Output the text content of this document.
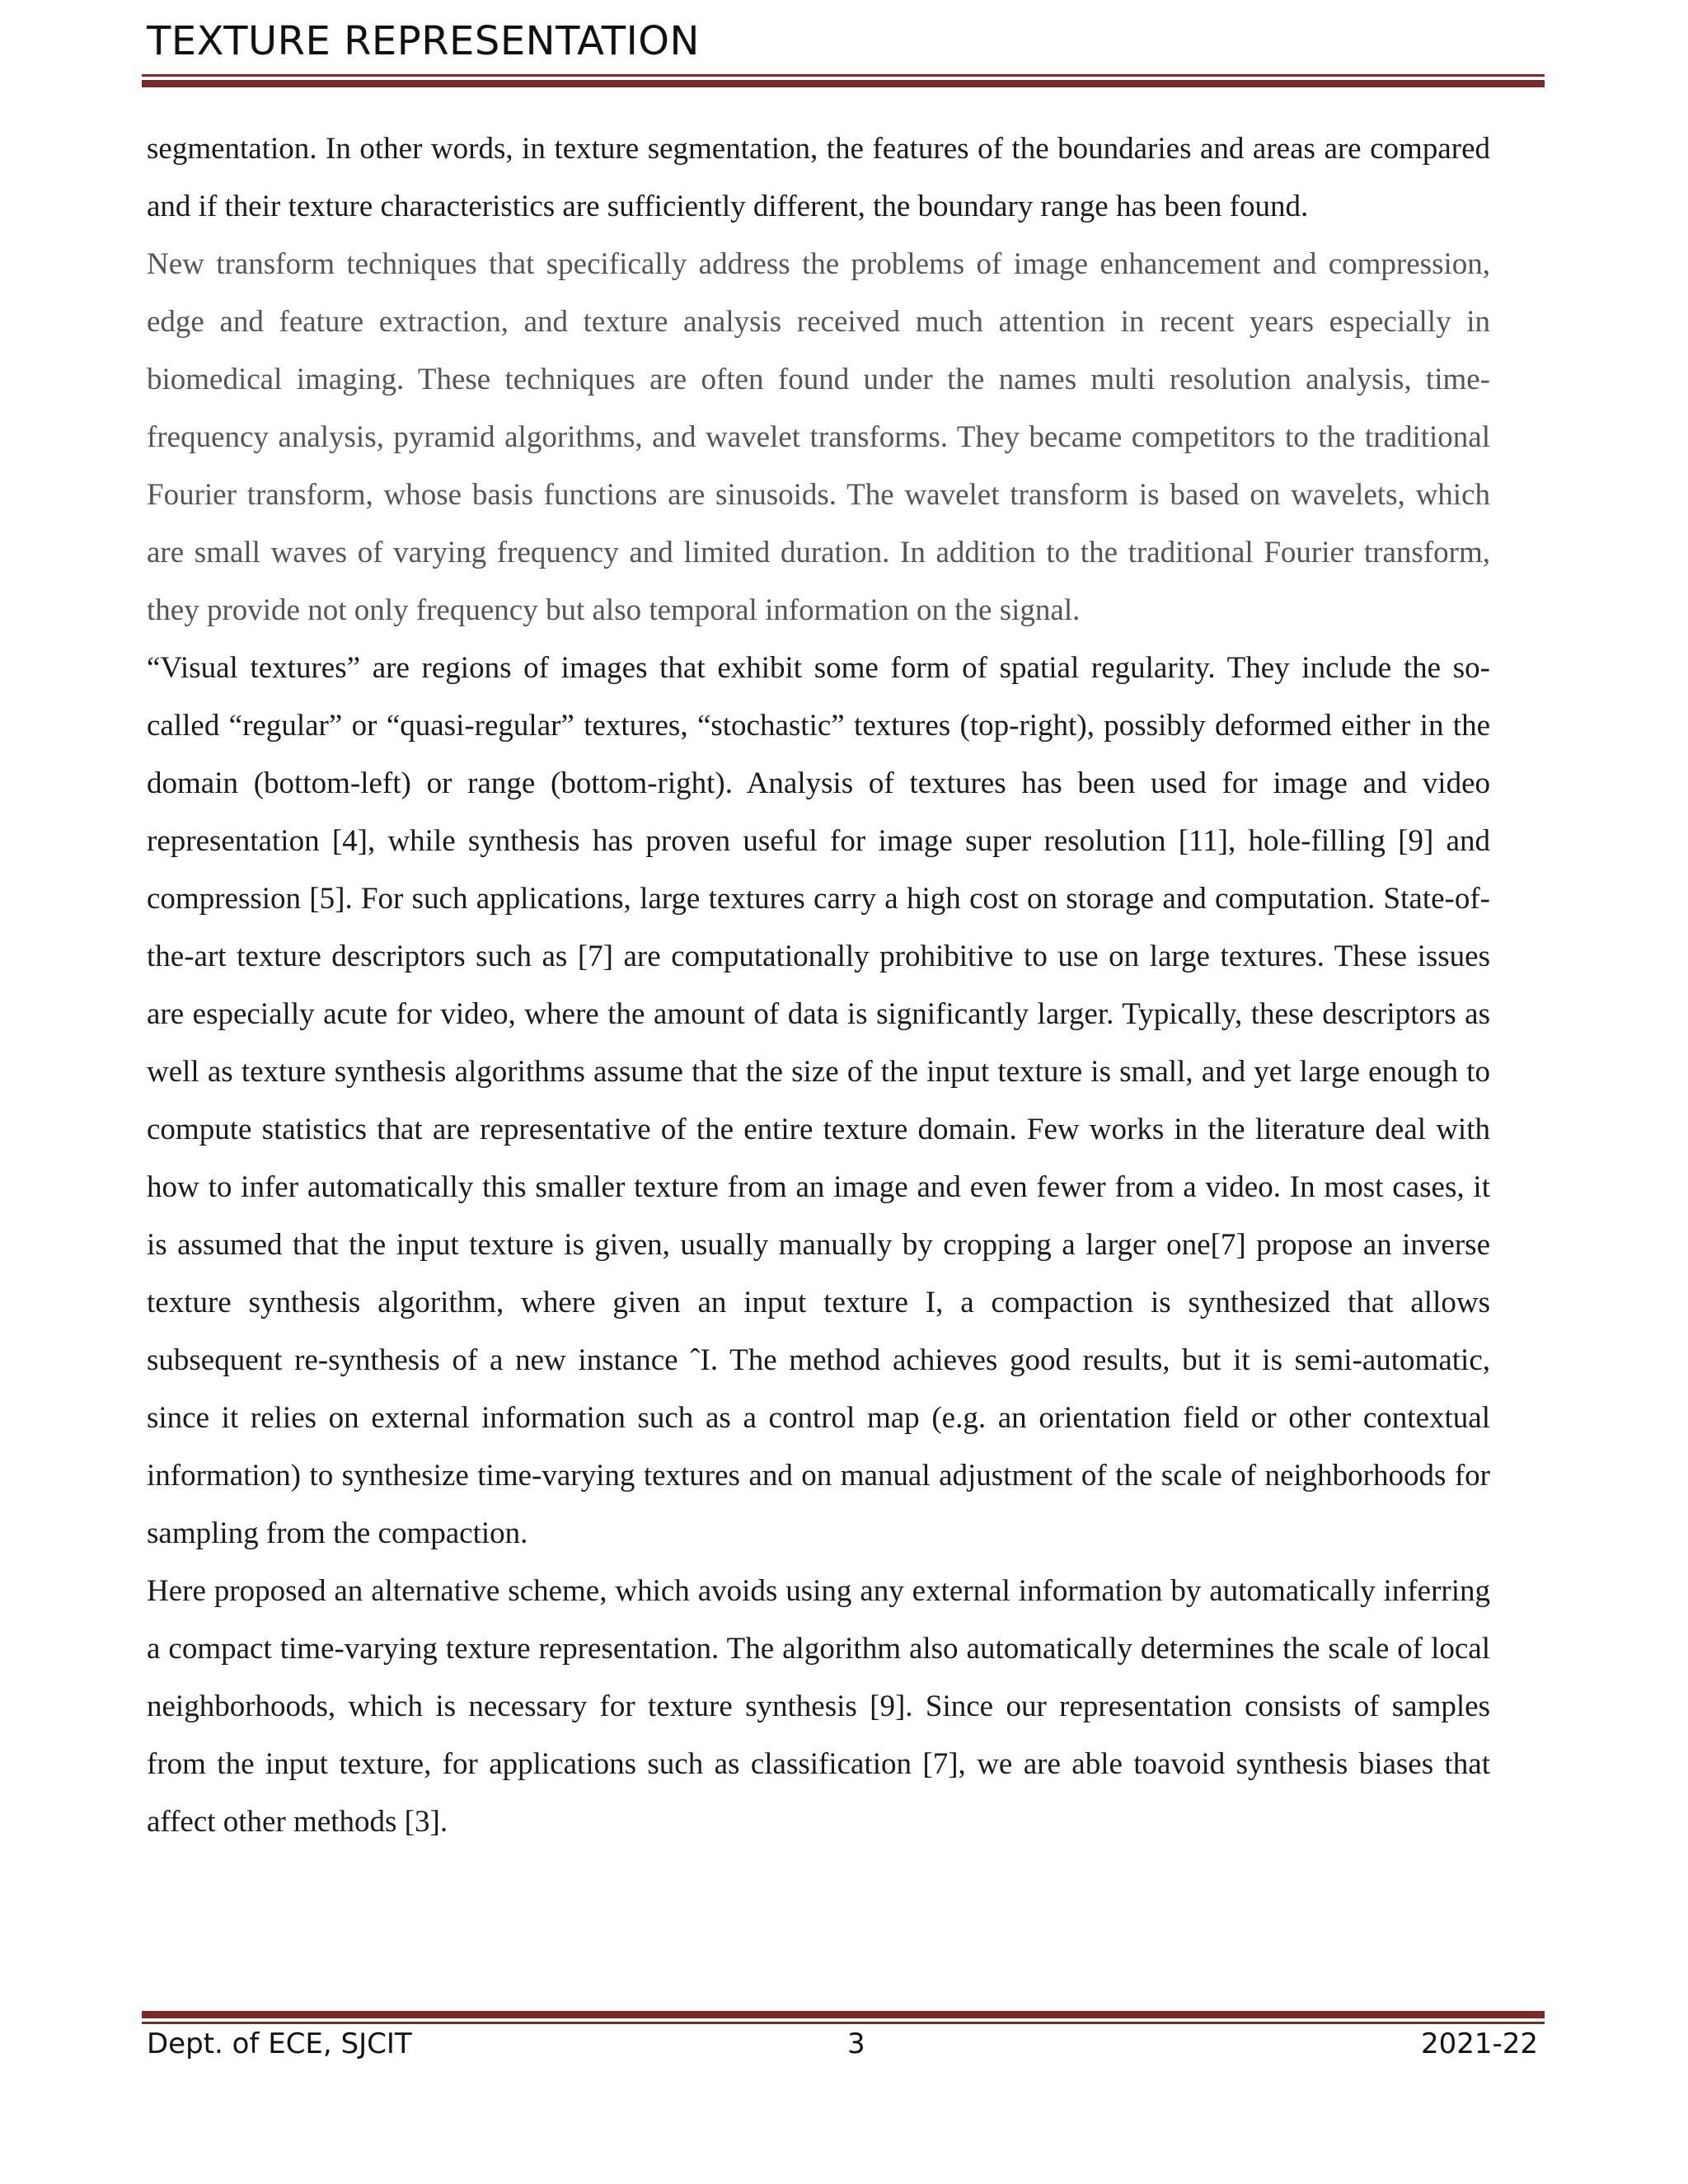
TEXTURE REPRESENTATION

segmentation. In other words, in texture segmentation, the features of the boundaries and areas are compared and if their texture characteristics are sufficiently different, the boundary range has been found.

New transform techniques that specifically address the problems of image enhancement and compression, edge and feature extraction, and texture analysis received much attention in recent years especially in biomedical imaging. These techniques are often found under the names multi resolution analysis, time-frequency analysis, pyramid algorithms, and wavelet transforms. They became competitors to the traditional Fourier transform, whose basis functions are sinusoids. The wavelet transform is based on wavelets, which are small waves of varying frequency and limited duration. In addition to the traditional Fourier transform, they provide not only frequency but also temporal information on the signal.

“Visual textures” are regions of images that exhibit some form of spatial regularity. They include the so-called “regular” or “quasi-regular” textures, “stochastic” textures (top-right), possibly deformed either in the domain (bottom-left) or range (bottom-right). Analysis of textures has been used for image and video representation [4], while synthesis has proven useful for image super resolution [11], hole-filling [9] and compression [5]. For such applications, large textures carry a high cost on storage and computation. State-of-the-art texture descriptors such as [7] are computationally prohibitive to use on large textures. These issues are especially acute for video, where the amount of data is significantly larger. Typically, these descriptors as well as texture synthesis algorithms assume that the size of the input texture is small, and yet large enough to compute statistics that are representative of the entire texture domain. Few works in the literature deal with how to infer automatically this smaller texture from an image and even fewer from a video. In most cases, it is assumed that the input texture is given, usually manually by cropping a larger one[7] propose an inverse texture synthesis algorithm, where given an input texture I, a compaction is synthesized that allows subsequent re-synthesis of a new instance ˆI. The method achieves good results, but it is semi-automatic, since it relies on external information such as a control map (e.g. an orientation field or other contextual information) to synthesize time-varying textures and on manual adjustment of the scale of neighborhoods for sampling from the compaction.

Here proposed an alternative scheme, which avoids using any external information by automatically inferring a compact time-varying texture representation. The algorithm also automatically determines the scale of local neighborhoods, which is necessary for texture synthesis [9]. Since our representation consists of samples from the input texture, for applications such as classification [7], we are able toavoid synthesis biases that affect other methods [3].

Dept. of ECE, SJCIT	3	2021-22
